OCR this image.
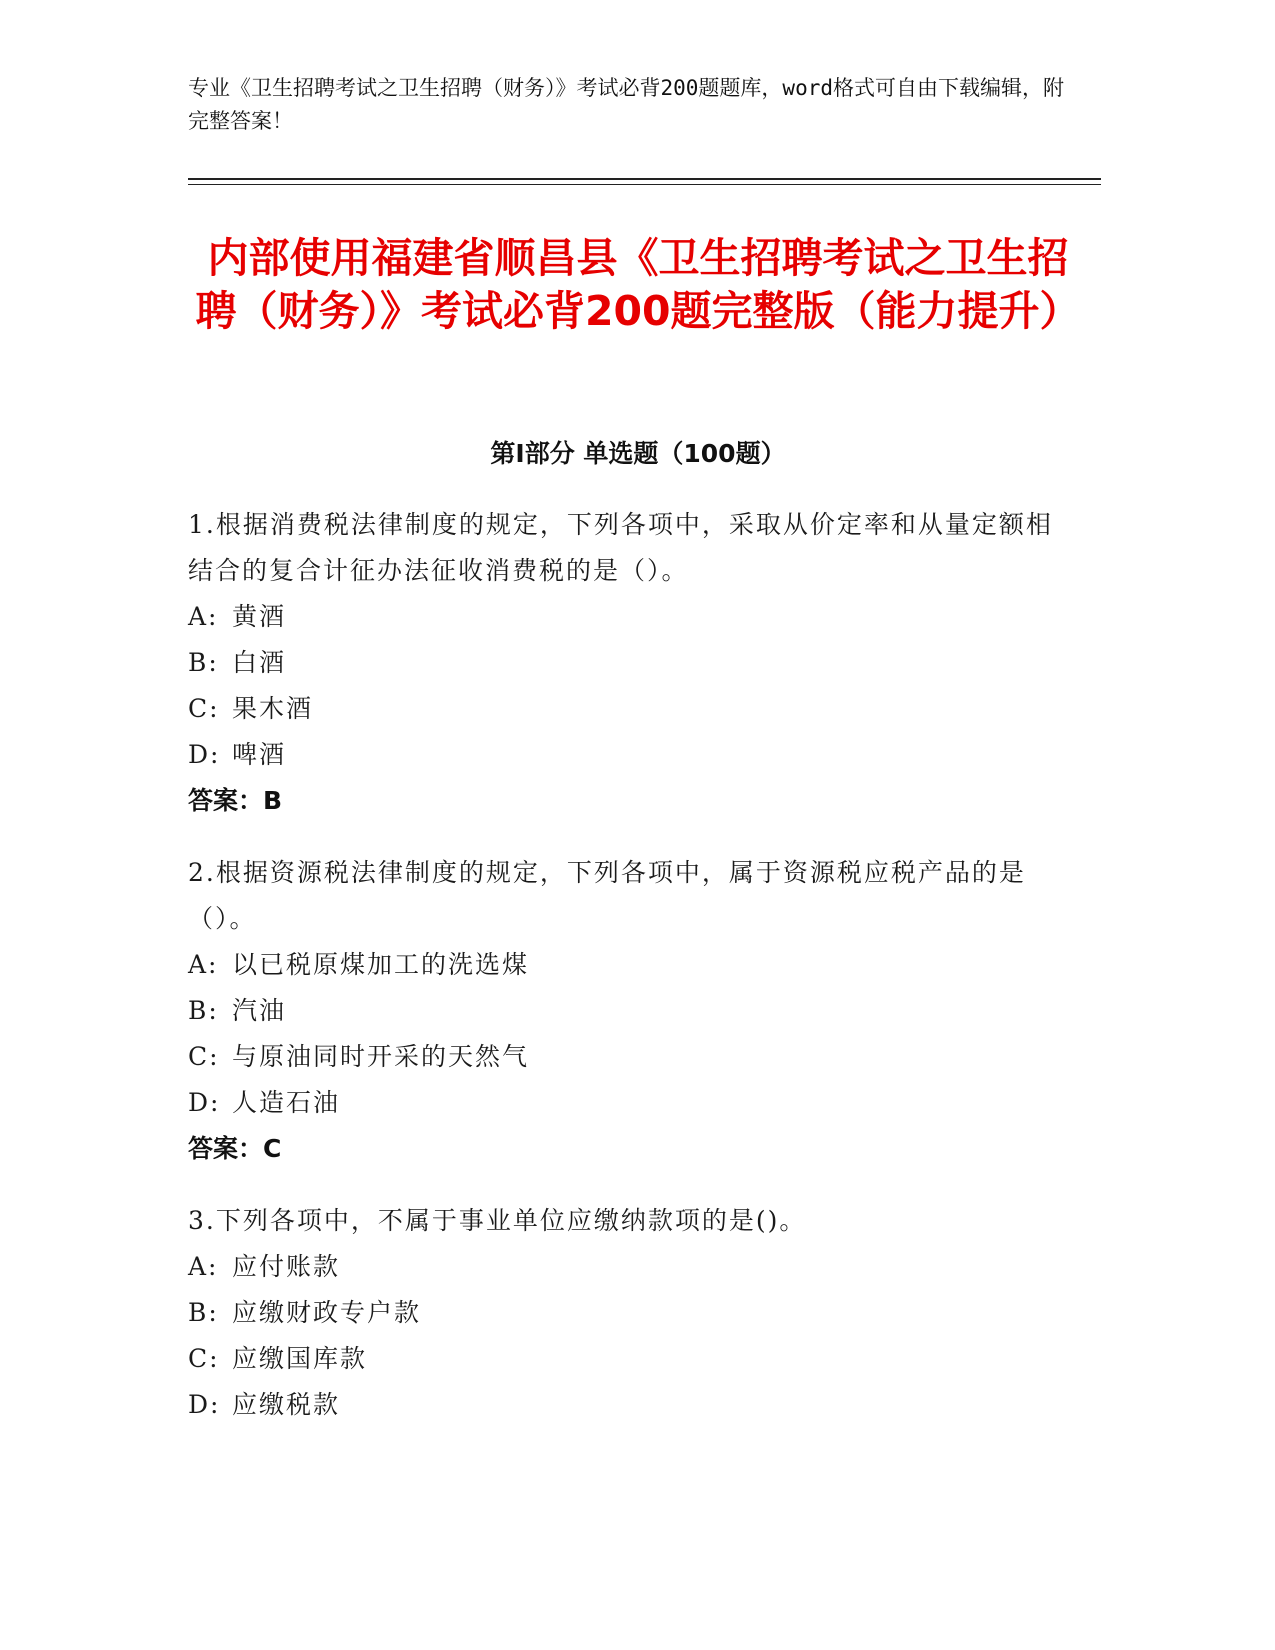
专业《卫生招聘考试之卫生招聘（财务）》考试必背200题题库，word格式可自由下载编辑，附完整答案！
内部使用福建省顺昌县《卫生招聘考试之卫生招聘（财务）》考试必背200题完整版（能力提升）
第Ⅰ部分 单选题（100题）

1.根据消费税法律制度的规定，下列各项中，采取从价定率和从量定额相结合的复合计征办法征收消费税的是（）。

A: 黄酒

B: 白酒

C: 果木酒

D: 啤酒

答案：B

2.根据资源税法律制度的规定，下列各项中，属于资源税应税产品的是（）。

A: 以已税原煤加工的洗选煤

B: 汽油

C: 与原油同时开采的天然气

D: 人造石油

答案：C

3.下列各项中，不属于事业单位应缴纳款项的是()。

A: 应付账款

B: 应缴财政专户款

C: 应缴国库款

D: 应缴税款
